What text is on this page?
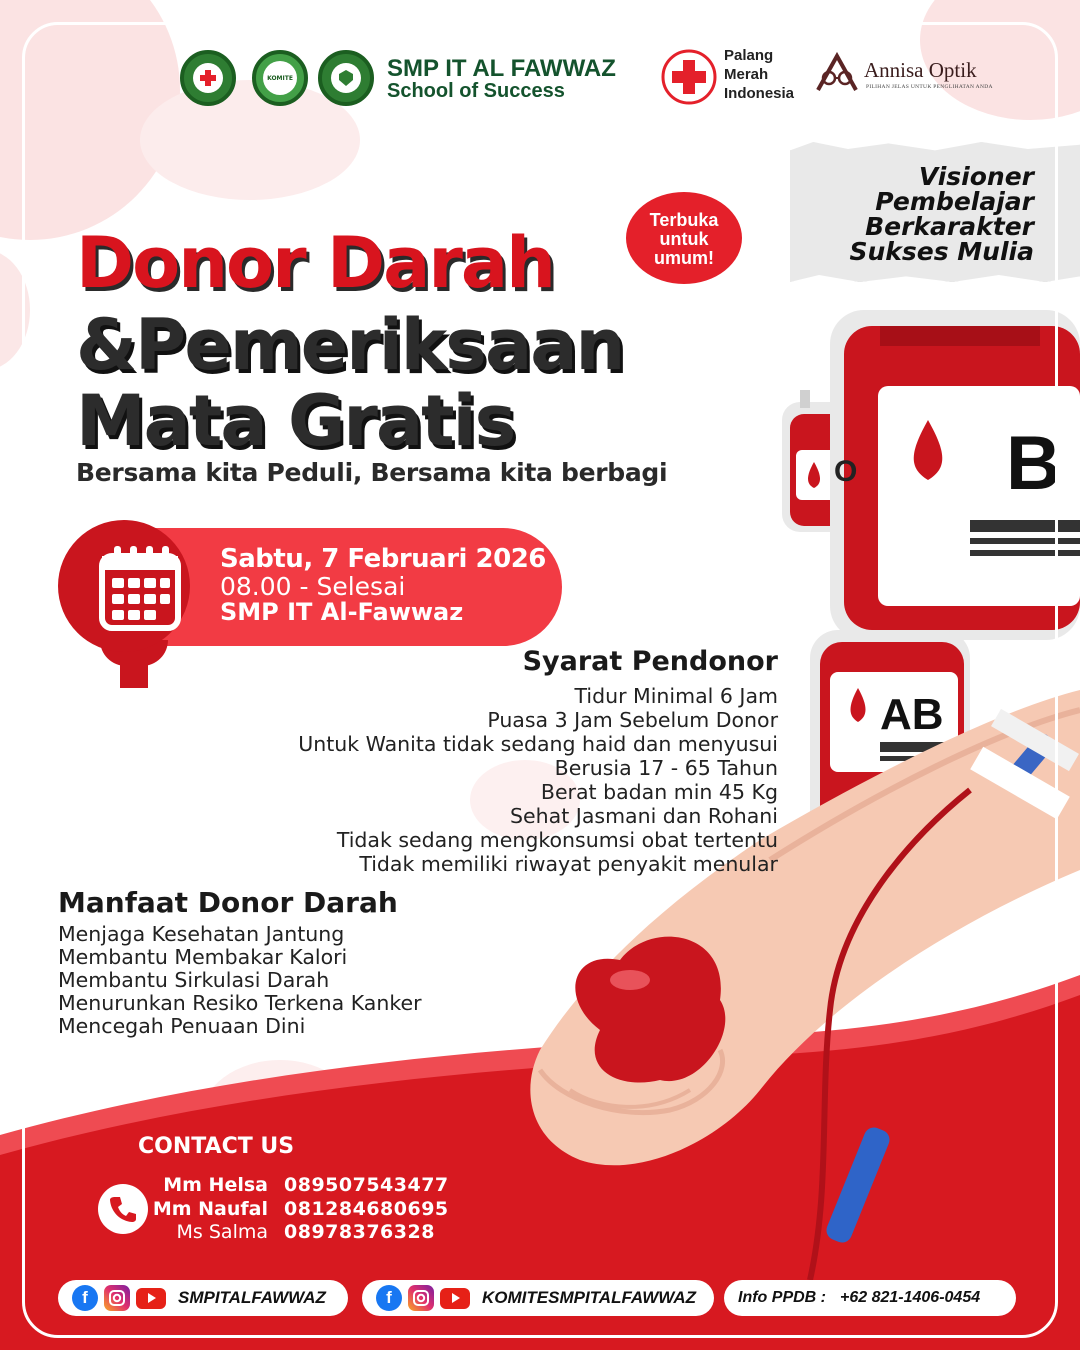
KOMITE	SMP IT AL FAWWAZ
School of Success
Palang
Merah
Indonesia
Annisa Optik
PILIHAN JELAS UNTUK PENGLIHATAN ANDA
Visioner
Pembelajar
Berkarakter
Sukses Mulia
B
AB
O
Terbuka
untuk
umum!
Donor Darah
&Pemeriksaan
Mata Gratis
Bersama kita Peduli, Bersama kita berbagi
Sabtu, 7 Februari 2026
08.00 - Selesai
SMP IT Al-Fawwaz
Syarat Pendonor
Tidur Minimal 6 Jam
Puasa 3 Jam Sebelum Donor
Untuk Wanita tidak sedang haid dan menyusui
Berusia 17 - 65 Tahun
Berat badan min 45 Kg
Sehat Jasmani dan Rohani
Tidak sedang mengkonsumsi obat tertentu
Tidak memiliki riwayat penyakit menular
Manfaat Donor Darah
Menjaga Kesehatan Jantung
Membantu Membakar Kalori
Membantu Sirkulasi Darah
Menurunkan Resiko Terkena Kanker
Mencegah Penuaan Dini
CONTACT US
Mm Helsa 089507543477
Mm Naufal 081284680695
Ms Salma 08978376328
f	SMPITALFAWWAZ	f	KOMITESMPITALFAWWAZ	Info PPDB : +62 821-1406-0454
